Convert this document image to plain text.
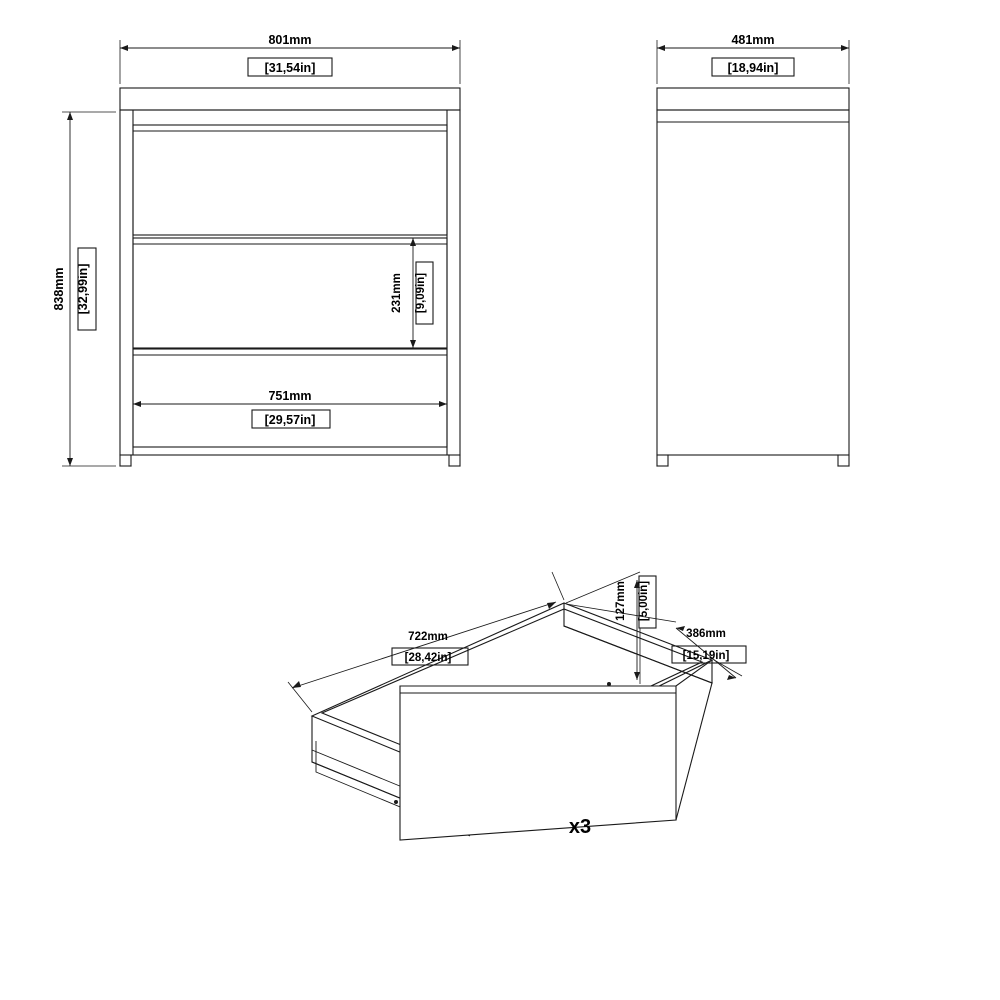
801mm
[31,54in]
838mm [32,99in]	231mm [9,09in]
751mm
[29,57in]
481mm
[18,94in]
722mm
[28,42in]
127mm [5,00in]
386mm
[15,19in]
x3
